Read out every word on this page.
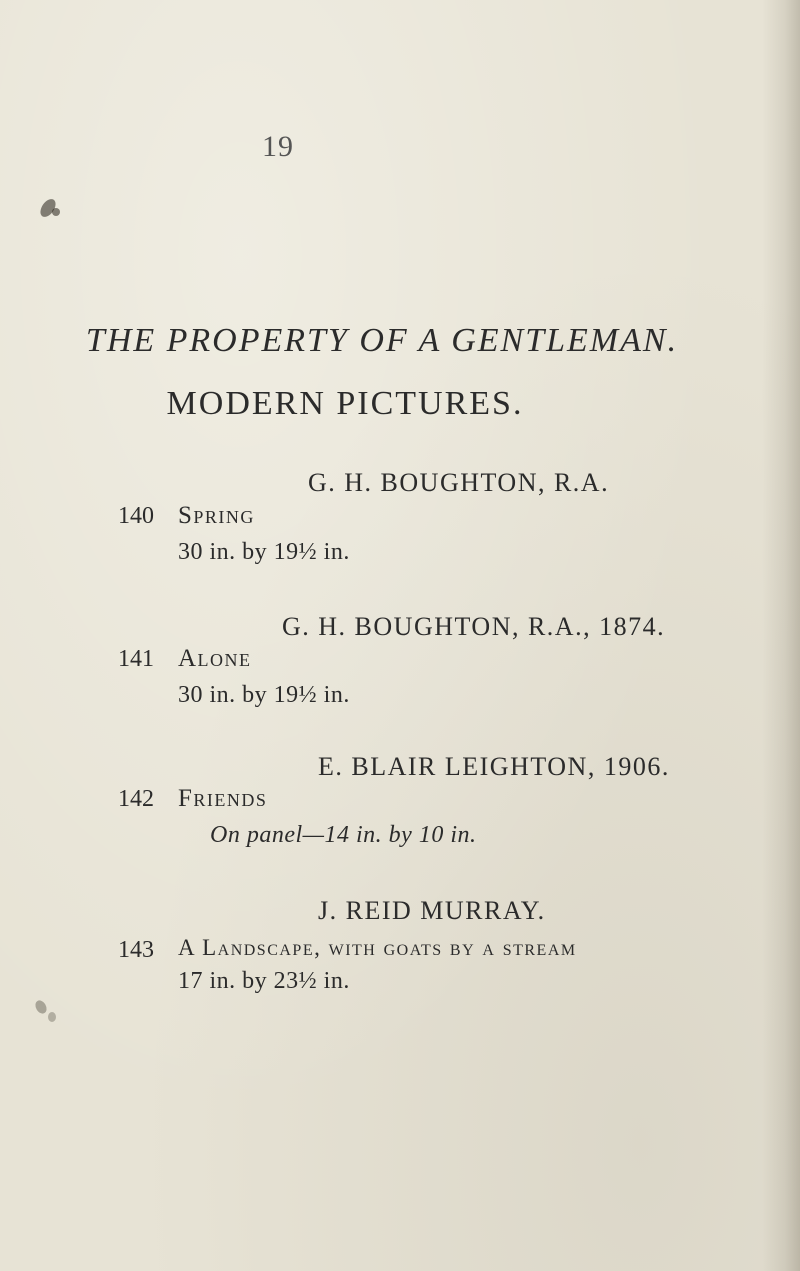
19
THE PROPERTY OF A GENTLEMAN.
MODERN PICTURES.
G. H. BOUGHTON, R.A.
140 Spring
30 in. by 19½ in.
G. H. BOUGHTON, R.A., 1874.
141 Alone
30 in. by 19½ in.
E. BLAIR LEIGHTON, 1906.
142 Friends
On panel—14 in. by 10 in.
J. REID MURRAY.
143 A Landscape, with goats by a stream
17 in. by 23½ in.
